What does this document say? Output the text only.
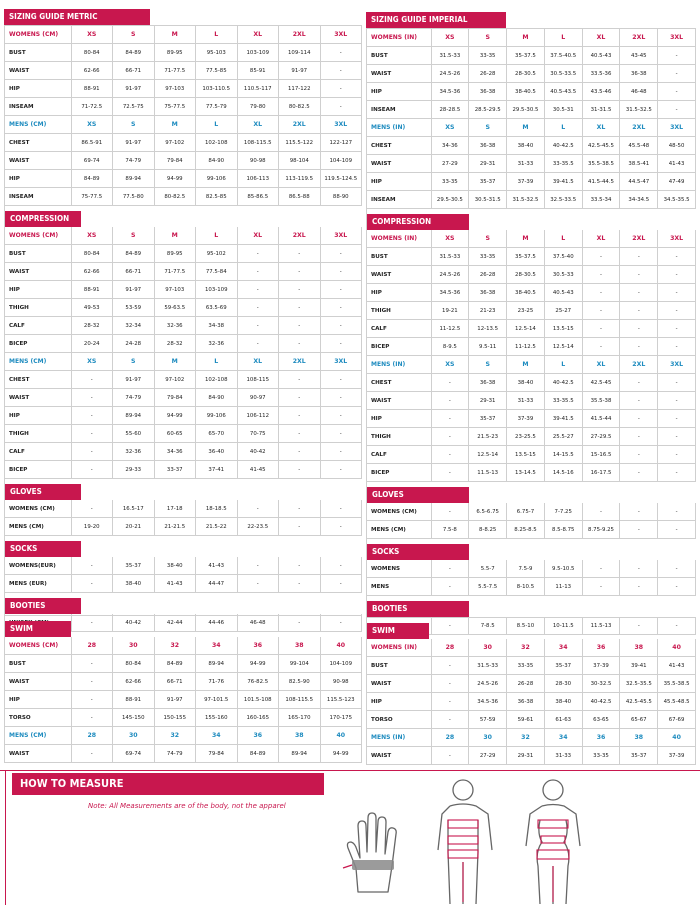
SIZING GUIDE METRIC
WOMENS (CM)	XS	S	M	L	XL	2XL	3XL
BUST	80-84	84-89	89-95	95-103	103-109	109-114	-
WAIST	62-66	66-71	71-77.5	77.5-85	85-91	91-97	-
HIP	88-91	91-97	97-103	103-110.5	110.5-117	117-122	-
INSEAM	71-72.5	72.5-75	75-77.5	77.5-79	79-80	80-82.5	-
MENS (CM)	XS	S	M	L	XL	2XL	3XL
CHEST	86.5-91	91-97	97-102	102-108	108-115.5	115.5-122	122-127
WAIST	69-74	74-79	79-84	84-90	90-98	98-104	104-109
HIP	84-89	89-94	94-99	99-106	106-113	113-119.5	119.5-124.5
INSEAM	75-77.5	77.5-80	80-82.5	82.5-85	85-86.5	86.5-88	88-90
COMPRESSION
WOMENS (CM)	XS	S	M	L	XL	2XL	3XL
BUST	80-84	84-89	89-95	95-102	-	-	-
WAIST	62-66	66-71	71-77.5	77.5-84	-	-	-
HIP	88-91	91-97	97-103	103-109	-	-	-
THIGH	49-53	53-59	59-63.5	63.5-69	-	-	-
CALF	28-32	32-34	32-36	34-38	-	-	-
BICEP	20-24	24-28	28-32	32-36	-	-	-
MENS (CM)	XS	S	M	L	XL	2XL	3XL
CHEST	-	91-97	97-102	102-108	108-115	-	-
WAIST	-	74-79	79-84	84-90	90-97	-	-
HIP	-	89-94	94-99	99-106	106-112	-	-
THIGH	-	55-60	60-65	65-70	70-75	-	-
CALF	-	32-36	34-36	36-40	40-42	-	-
BICEP	-	29-33	33-37	37-41	41-45	-	-
GLOVES
WOMENS (CM)	-	16.5-17	17-18	18-18.5	-	-	-
MENS (CM)	19-20	20-21	21-21.5	21.5-22	22-23.5	-	-
SOCKS
WOMENS(EUR)	-	35-37	38-40	41-43	-	-	-
MENS (EUR)	-	38-40	41-43	44-47	-	-	-
BOOTIES
	-	40-42	42-44	44-46	46-48	-	-
SIZING GUIDE IMPERIAL
WOMENS (IN)	XS	S	M	L	XL	2XL	3XL
BUST	31.5-33	33-35	35-37.5	37.5-40.5	40.5-43	43-45	-
WAIST	24.5-26	26-28	28-30.5	30.5-33.5	33.5-36	36-38	-
HIP	34.5-36	36-38	38-40.5	40.5-43.5	43.5-46	46-48	-
INSEAM	28-28.5	28.5-29.5	29.5-30.5	30.5-31	31-31.5	31.5-32.5	-
MENS (IN)	XS	S	M	L	XL	2XL	3XL
CHEST	34-36	36-38	38-40	40-42.5	42.5-45.5	45.5-48	48-50
WAIST	27-29	29-31	31-33	33-35.5	35.5-38.5	38.5-41	41-43
HIP	33-35	35-37	37-39	39-41.5	41.5-44.5	44.5-47	47-49
INSEAM	29.5-30.5	30.5-31.5	31.5-32.5	32.5-33.5	33.5-34	34-34.5	34.5-35.5
COMPRESSION
WOMENS (IN)	XS	S	M	L	XL	2XL	3XL
BUST	31.5-33	33-35	35-37.5	37.5-40	-	-	-
WAIST	24.5-26	26-28	28-30.5	30.5-33	-	-	-
HIP	34.5-36	36-38	38-40.5	40.5-43	-	-	-
THIGH	19-21	21-23	23-25	25-27	-	-	-
CALF	11-12.5	12-13.5	12.5-14	13.5-15	-	-	-
BICEP	8-9.5	9.5-11	11-12.5	12.5-14	-	-	-
MENS (IN)	XS	S	M	L	XL	2XL	3XL
CHEST	-	36-38	38-40	40-42.5	42.5-45	-	-
WAIST	-	29-31	31-33	33-35.5	35.5-38	-	-
HIP	-	35-37	37-39	39-41.5	41.5-44	-	-
THIGH	-	21.5-23	23-25.5	25.5-27	27-29.5	-	-
CALF	-	12.5-14	13.5-15	14-15.5	15-16.5	-	-
BICEP	-	11.5-13	13-14.5	14.5-16	16-17.5	-	-
GLOVES
WOMENS (CM)	-	6.5-6.75	6.75-7	7-7.25	-	-	-
MENS (CM)	7.5-8	8-8.25	8.25-8.5	8.5-8.75	8.75-9.25	-	-
SOCKS
WOMENS	-	5.5-7	7.5-9	9.5-10.5	-	-	-
MENS	-	5.5-7.5	8-10.5	11-13	-	-	-
BOOTIES
	-	7-8.5	8.5-10	10-11.5	11.5-13	-	-
SWIM
WOMENS (CM)	28	30	32	34	36	38	40
BUST	-	80-84	84-89	89-94	94-99	99-104	104-109
WAIST	-	62-66	66-71	71-76	76-82.5	82.5-90	90-98
HIP	-	88-91	91-97	97-101.5	101.5-108	108-115.5	115.5-123
TORSO	-	145-150	150-155	155-160	160-165	165-170	170-175
MENS (CM)	28	30	32	34	36	38	40
WAIST	-	69-74	74-79	79-84	84-89	89-94	94-99
SWIM
WOMENS (IN)	28	30	32	34	36	38	40
BUST	-	31.5-33	33-35	35-37	37-39	39-41	41-43
WAIST	-	24.5-26	26-28	28-30	30-32.5	32.5-35.5	35.5-38.5
HIP	-	34.5-36	36-38	38-40	40-42.5	42.5-45.5	45.5-48.5
TORSO	-	57-59	59-61	61-63	63-65	65-67	67-69
MENS (IN)	28	30	32	34	36	38	40
WAIST	-	27-29	29-31	31-33	33-35	35-37	37-39
HOW TO MEASURE
Note: All Measurements are of the body, not the apparel
